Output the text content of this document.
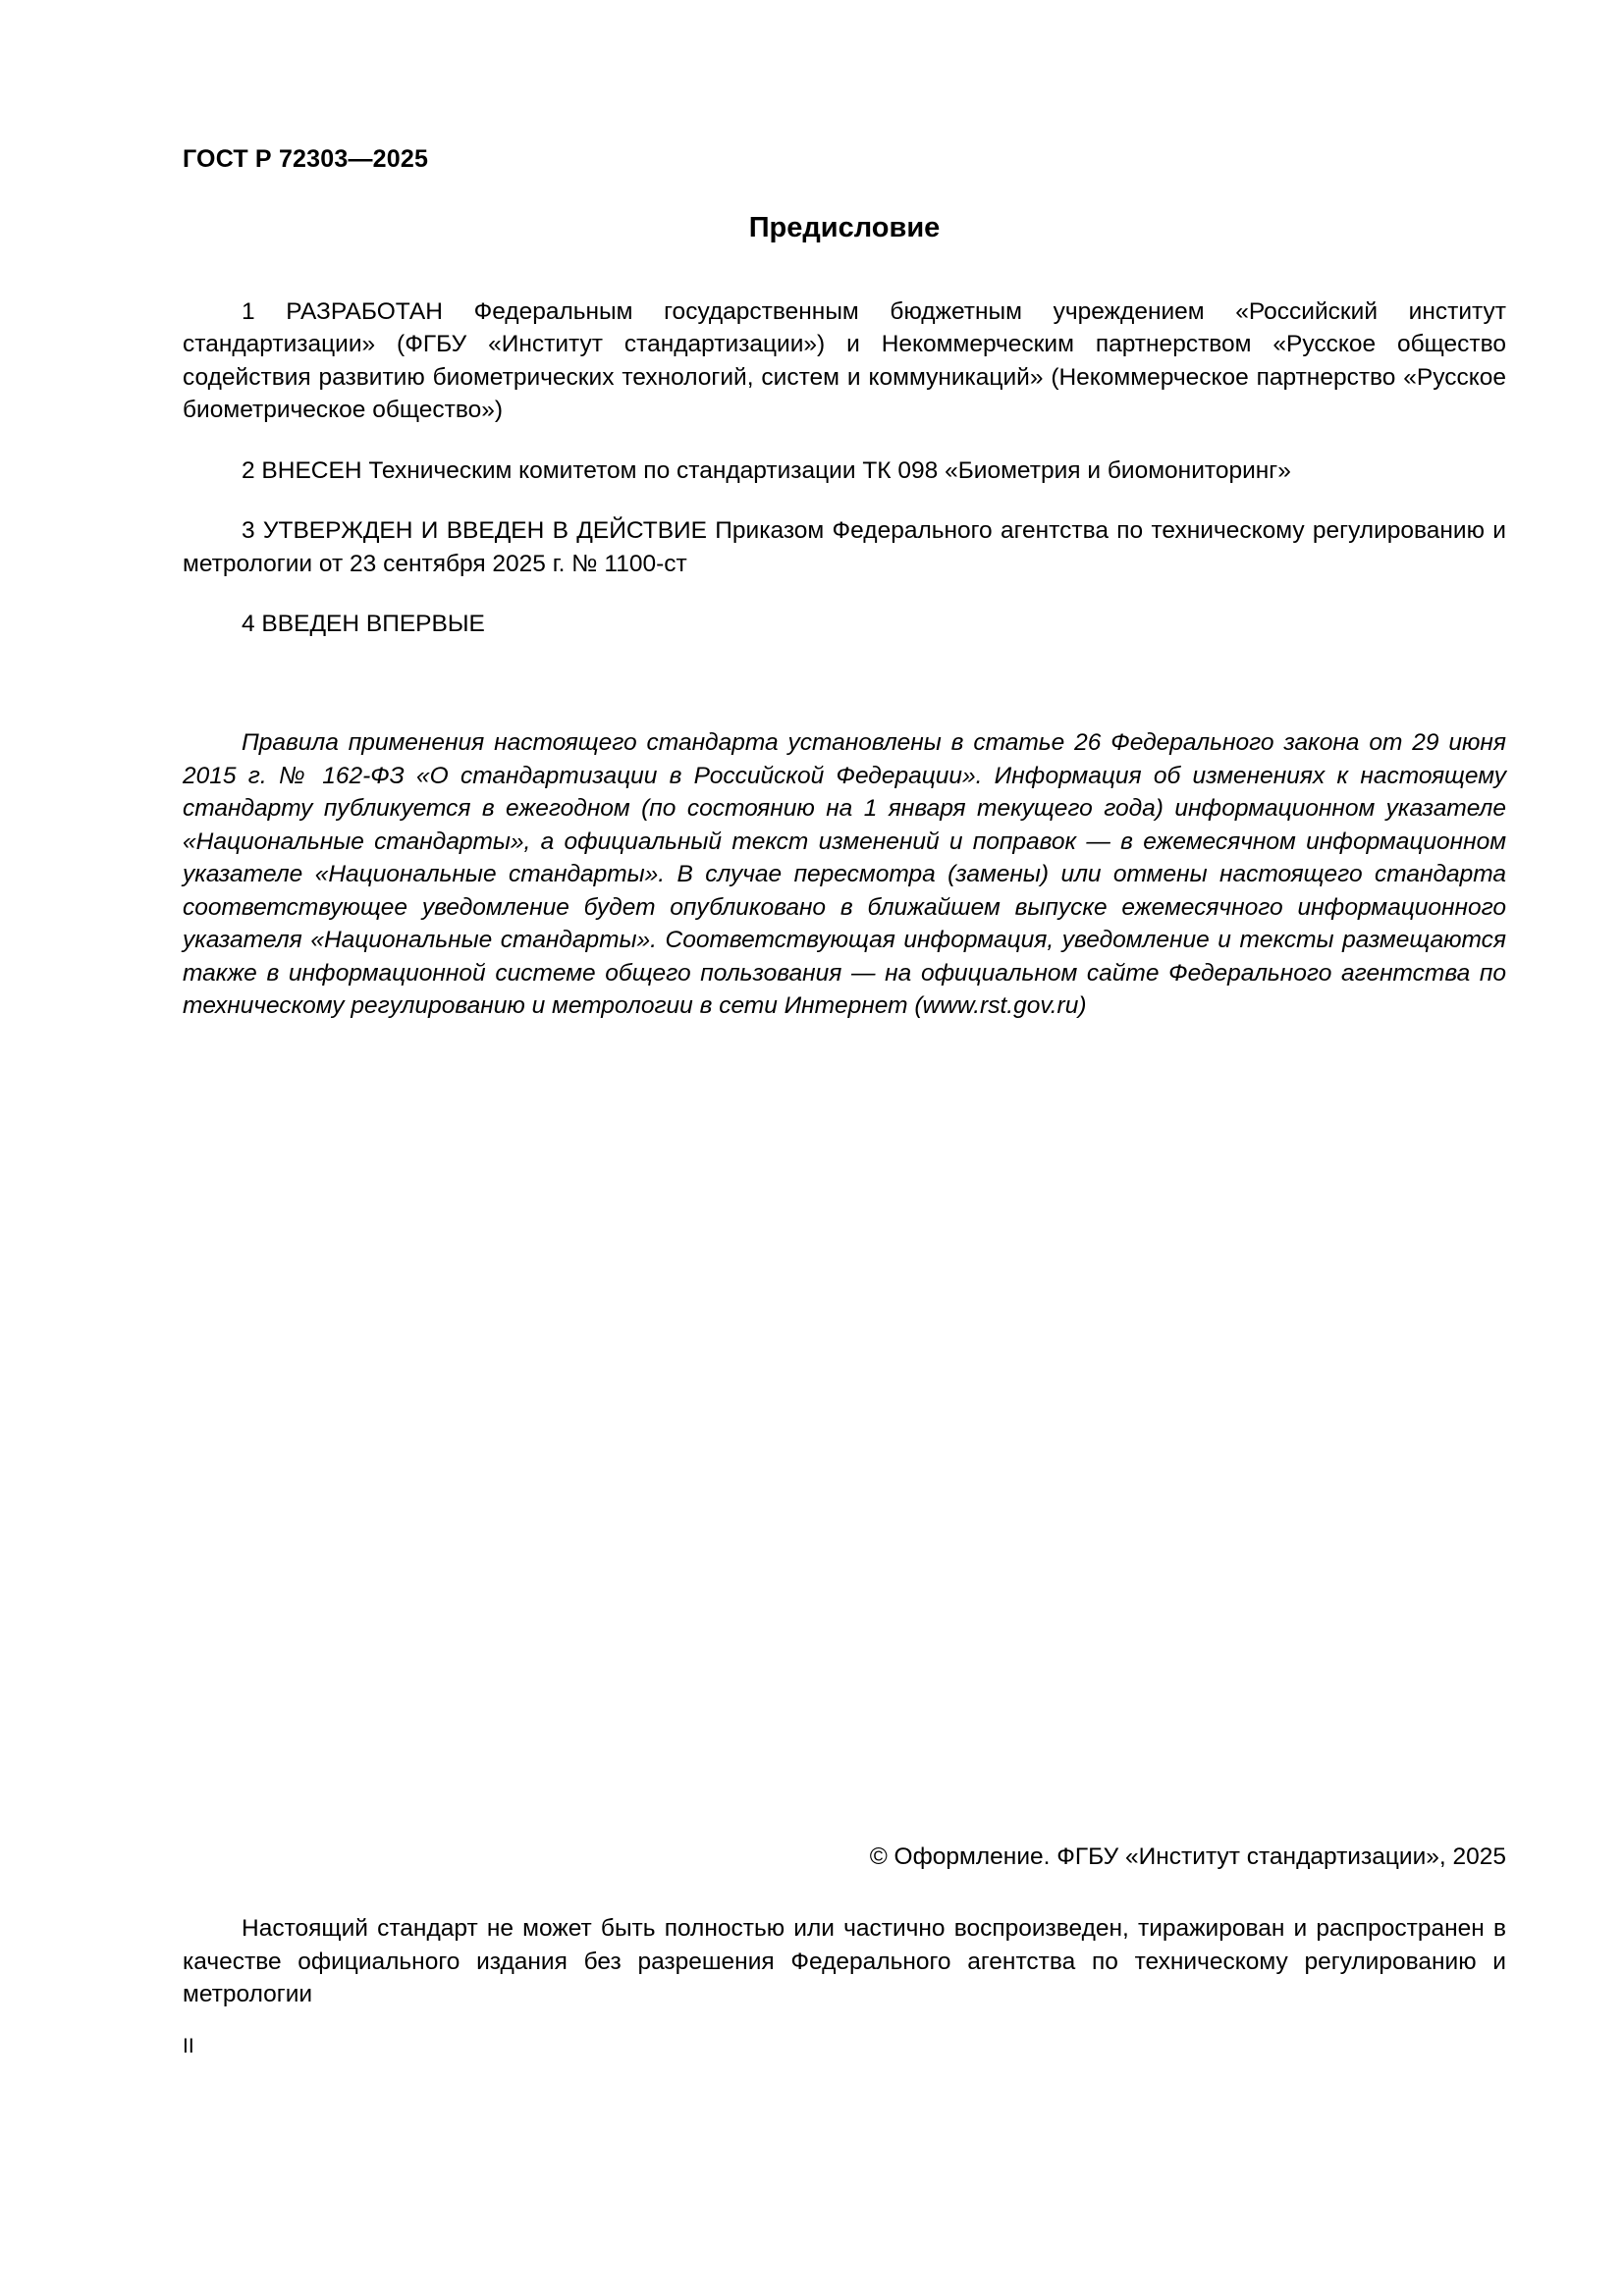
ГОСТ Р 72303—2025
Предисловие

1 РАЗРАБОТАН Федеральным государственным бюджетным учреждением «Российский институт стандартизации» (ФГБУ «Институт стандартизации») и Некоммерческим партнерством «Русское общество содействия развитию биометрических технологий, систем и коммуникаций» (Некоммерческое партнерство «Русское биометрическое общество»)

2 ВНЕСЕН Техническим комитетом по стандартизации ТК 098 «Биометрия и биомониторинг»

3 УТВЕРЖДЕН И ВВЕДЕН В ДЕЙСТВИЕ Приказом Федерального агентства по техническому регулированию и метрологии от 23 сентября 2025 г. № 1100-ст

4 ВВЕДЕН ВПЕРВЫЕ

Правила применения настоящего стандарта установлены в статье 26 Федерального закона от 29 июня 2015 г. № 162-ФЗ «О стандартизации в Российской Федерации». Информация об изменениях к настоящему стандарту публикуется в ежегодном (по состоянию на 1 января текущего года) информационном указателе «Национальные стандарты», а официальный текст изменений и поправок — в ежемесячном информационном указателе «Национальные стандарты». В случае пересмотра (замены) или отмены настоящего стандарта соответствующее уведомление будет опубликовано в ближайшем выпуске ежемесячного информационного указателя «Национальные стандарты». Соответствующая информация, уведомление и тексты размещаются также в информационной системе общего пользования — на официальном сайте Федерального агентства по техническому регулированию и метрологии в сети Интернет (www.rst.gov.ru)
© Оформление. ФГБУ «Институт стандартизации», 2025
Настоящий стандарт не может быть полностью или частично воспроизведен, тиражирован и распространен в качестве официального издания без разрешения Федерального агентства по техническому регулированию и метрологии
II
